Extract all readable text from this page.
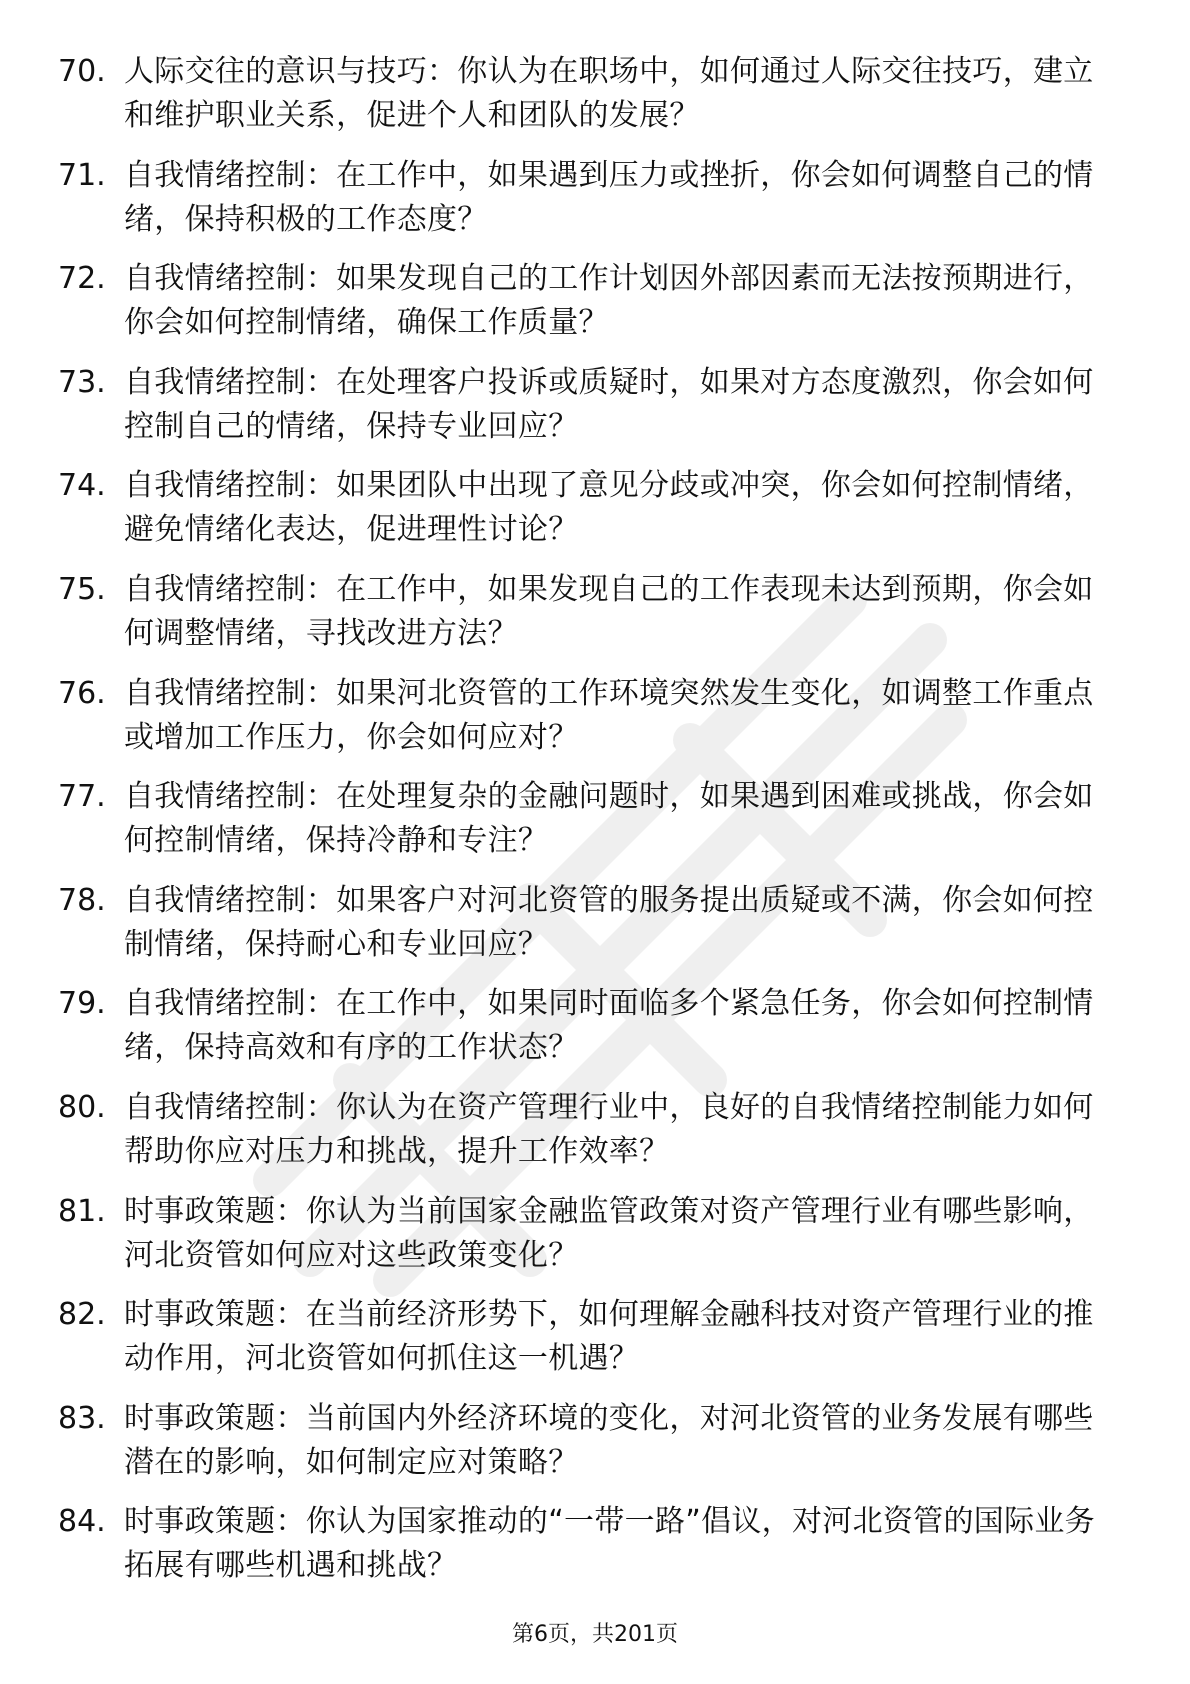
70. 人际交往的意识与技巧：你认为在职场中，如何通过人际交往技巧，建立和维护职业关系，促进个人和团队的发展？
71. 自我情绪控制：在工作中，如果遇到压力或挫折，你会如何调整自己的情绪，保持积极的工作态度？
72. 自我情绪控制：如果发现自己的工作计划因外部因素而无法按预期进行，你会如何控制情绪，确保工作质量？
73. 自我情绪控制：在处理客户投诉或质疑时，如果对方态度激烈，你会如何控制自己的情绪，保持专业回应？
74. 自我情绪控制：如果团队中出现了意见分歧或冲突，你会如何控制情绪，避免情绪化表达，促进理性讨论？
75. 自我情绪控制：在工作中，如果发现自己的工作表现未达到预期，你会如何调整情绪，寻找改进方法？
76. 自我情绪控制：如果河北资管的工作环境突然发生变化，如调整工作重点或增加工作压力，你会如何应对？
77. 自我情绪控制：在处理复杂的金融问题时，如果遇到困难或挑战，你会如何控制情绪，保持冷静和专注？
78. 自我情绪控制：如果客户对河北资管的服务提出质疑或不满，你会如何控制情绪，保持耐心和专业回应？
79. 自我情绪控制：在工作中，如果同时面临多个紧急任务，你会如何控制情绪，保持高效和有序的工作状态？
80. 自我情绪控制：你认为在资产管理行业中，良好的自我情绪控制能力如何帮助你应对压力和挑战，提升工作效率？
81. 时事政策题：你认为当前国家金融监管政策对资产管理行业有哪些影响，河北资管如何应对这些政策变化？
82. 时事政策题：在当前经济形势下，如何理解金融科技对资产管理行业的推动作用，河北资管如何抓住这一机遇？
83. 时事政策题：当前国内外经济环境的变化，对河北资管的业务发展有哪些潜在的影响，如何制定应对策略？
84. 时事政策题：你认为国家推动的“一带一路”倡议，对河北资管的国际业务拓展有哪些机遇和挑战？
第6页，共201页
